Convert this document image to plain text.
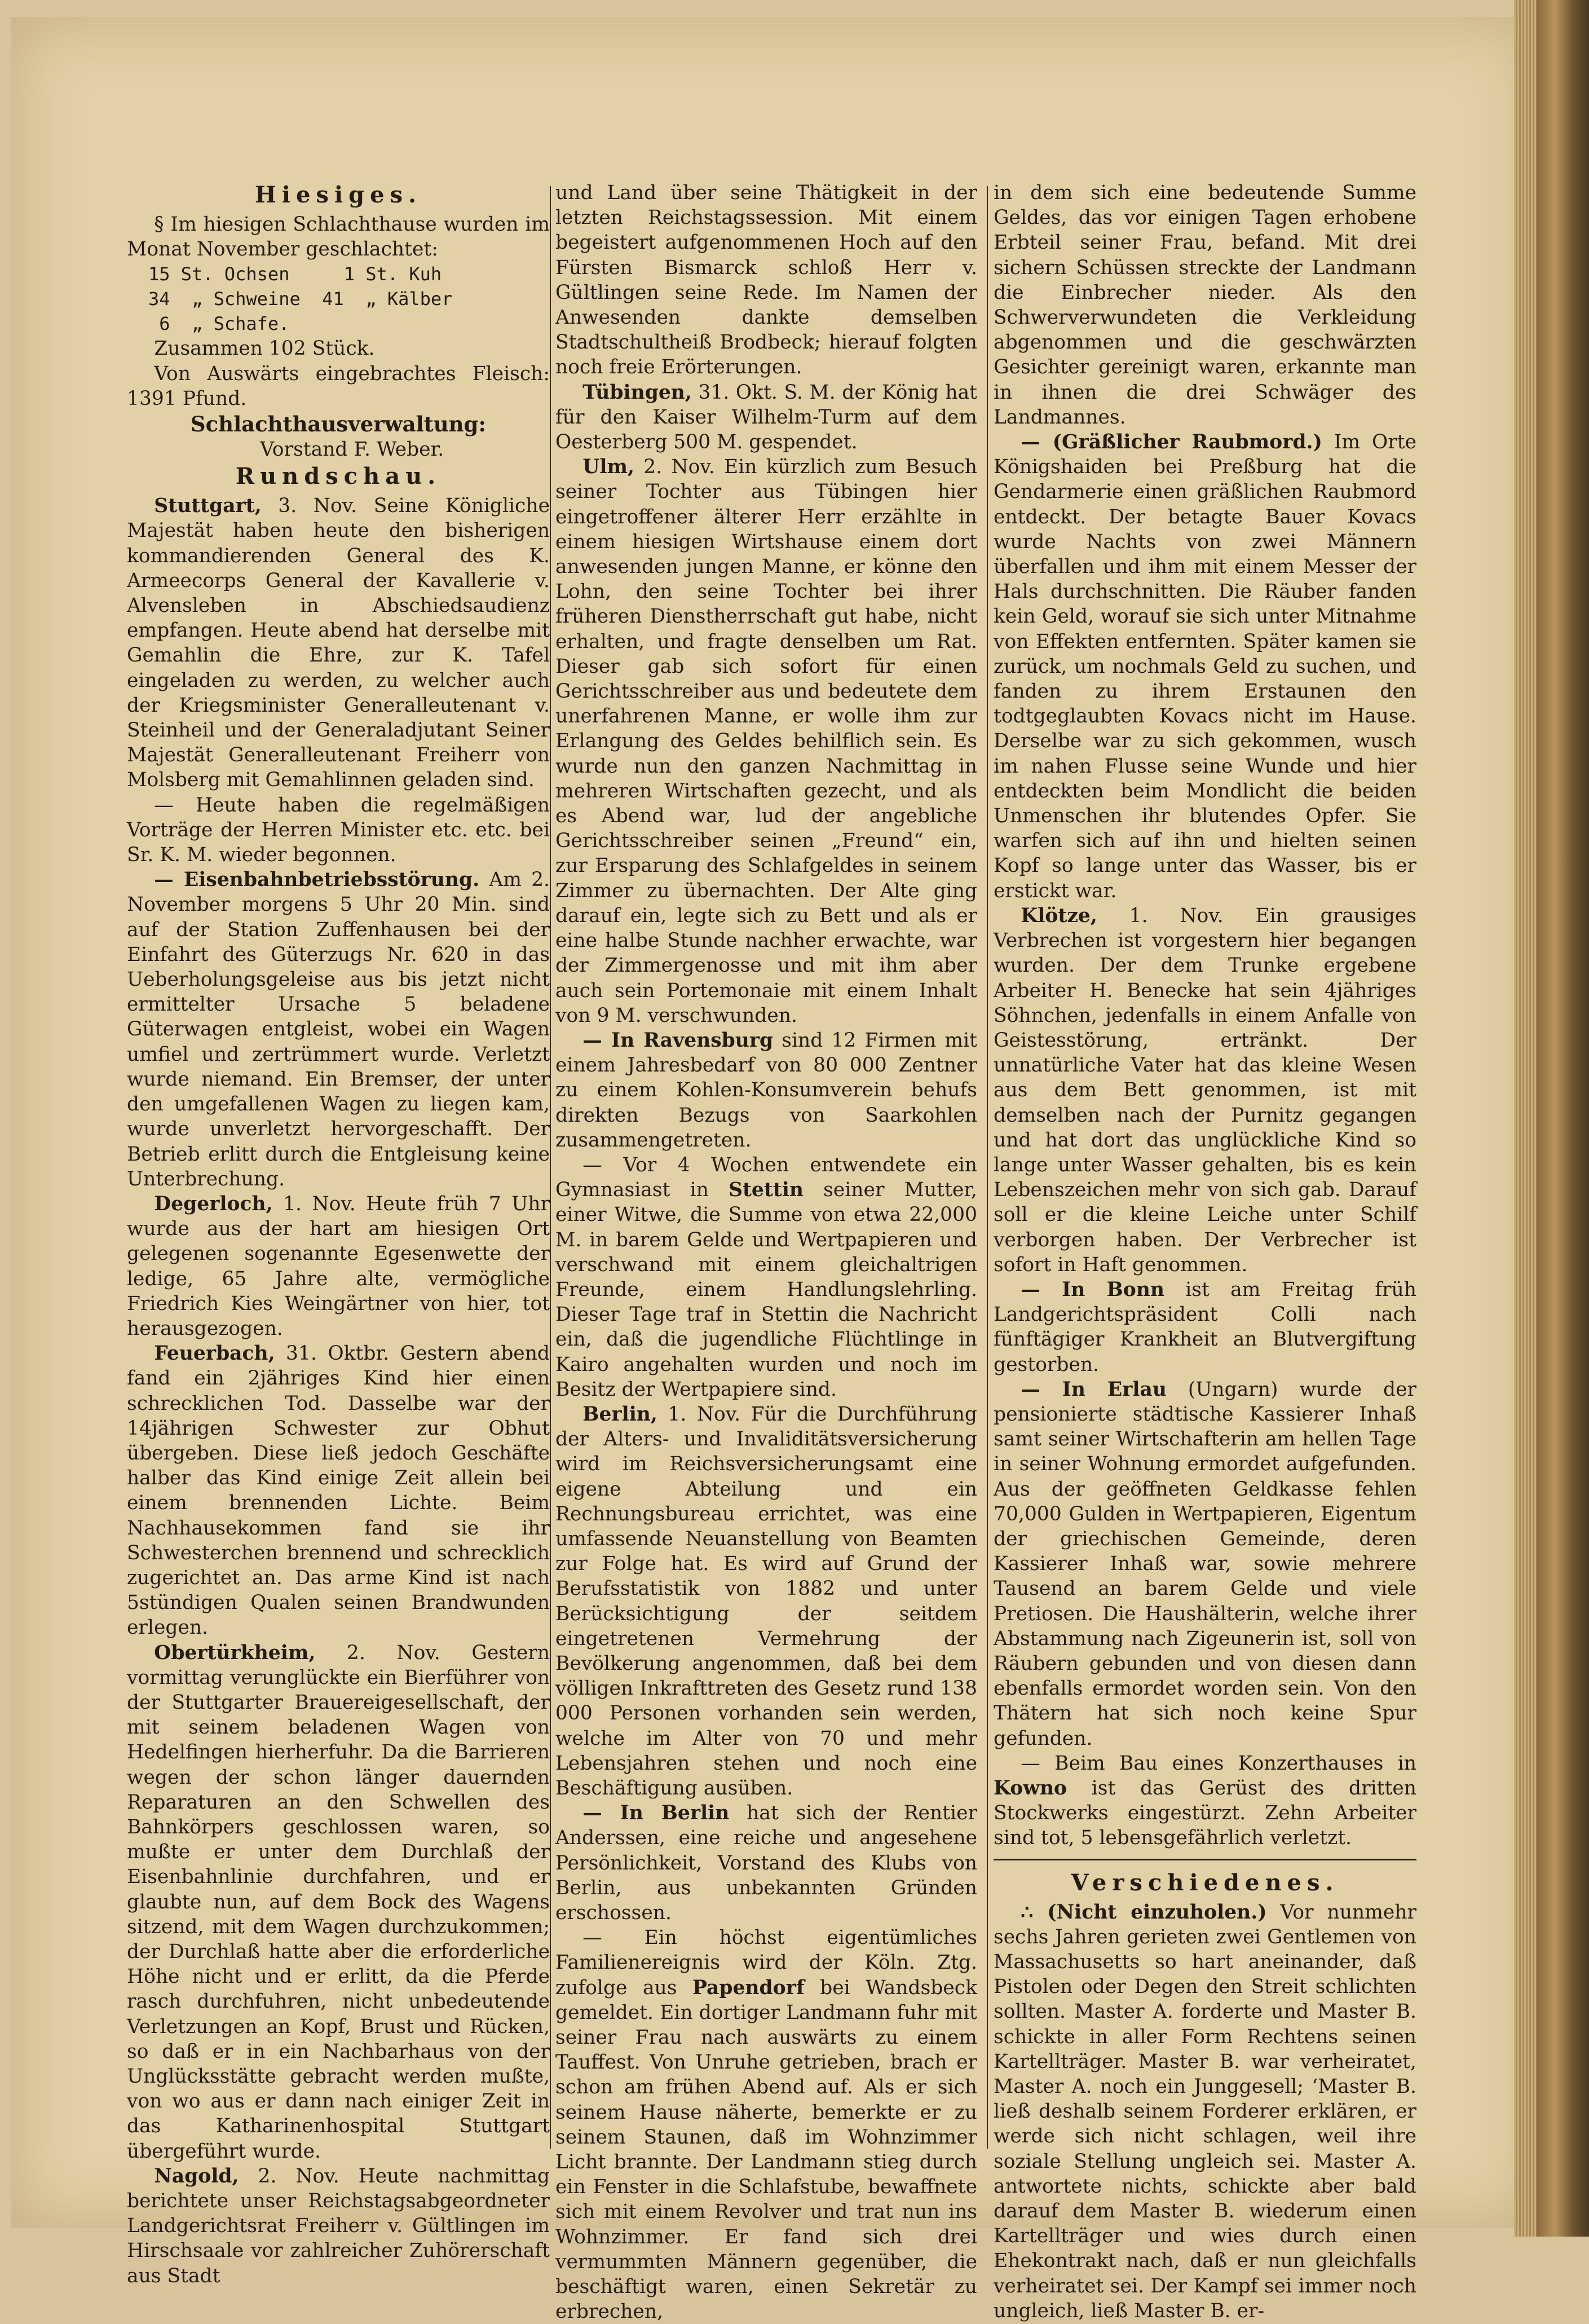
Hiesiges.

§ Im hiesigen Schlachthause wurden im Monat November geschlachtet:

15 St. Ochsen     1 St. Kuh
34  „ Schweine  41  „ Kälber
6  „ Schafe.

Zusammen 102 Stück.

Von Auswärts eingebrachtes Fleisch: 1391 Pfund.

Schlachthausverwaltung:

Vorstand F. Weber.

Rundschau.

Stuttgart, 3. Nov. Seine Königliche Majestät haben heute den bisherigen kommandierenden General des K. Armeecorps General der Kavallerie v. Alvensleben in Abschiedsaudienz empfangen. Heute abend hat derselbe mit Gemahlin die Ehre, zur K. Tafel eingeladen zu werden, zu welcher auch der Kriegsminister Generalleutenant v. Steinheil und der Generaladjutant Seiner Majestät Generalleutenant Freiherr von Molsberg mit Gemahlinnen geladen sind.

— Heute haben die regelmäßigen Vorträge der Herren Minister etc. etc. bei Sr. K. M. wieder begonnen.

— Eisenbahnbetriebsstörung. Am 2. November morgens 5 Uhr 20 Min. sind auf der Station Zuffenhausen bei der Einfahrt des Güterzugs Nr. 620 in das Ueberholungsgeleise aus bis jetzt nicht ermittelter Ursache 5 beladene Güterwagen entgleist, wobei ein Wagen umfiel und zertrümmert wurde. Verletzt wurde niemand. Ein Bremser, der unter den umgefallenen Wagen zu liegen kam, wurde unverletzt hervorgeschafft. Der Betrieb erlitt durch die Entgleisung keine Unterbrechung.

Degerloch, 1. Nov. Heute früh 7 Uhr wurde aus der hart am hiesigen Ort gelegenen sogenannte Egesenwette der ledige, 65 Jahre alte, vermögliche Friedrich Kies Weingärtner von hier, tot herausgezogen.

Feuerbach, 31. Oktbr. Gestern abend fand ein 2jähriges Kind hier einen schrecklichen Tod. Dasselbe war der 14jährigen Schwester zur Obhut übergeben. Diese ließ jedoch Geschäfte halber das Kind einige Zeit allein bei einem brennenden Lichte. Beim Nachhausekommen fand sie ihr Schwesterchen brennend und schrecklich zugerichtet an. Das arme Kind ist nach 5stündigen Qualen seinen Brandwunden erlegen.

Obertürkheim, 2. Nov. Gestern vormittag verunglückte ein Bierführer von der Stuttgarter Brauereigesellschaft, der mit seinem beladenen Wagen von Hedelfingen hierherfuhr. Da die Barrieren wegen der schon länger dauernden Reparaturen an den Schwellen des Bahnkörpers geschlossen waren, so mußte er unter dem Durchlaß der Eisenbahnlinie durchfahren, und er glaubte nun, auf dem Bock des Wagens sitzend, mit dem Wagen durchzukommen; der Durchlaß hatte aber die erforderliche Höhe nicht und er erlitt, da die Pferde rasch durchfuhren, nicht unbedeutende Verletzungen an Kopf, Brust und Rücken, so daß er in ein Nachbarhaus von der Unglücksstätte gebracht werden mußte, von wo aus er dann nach einiger Zeit in das Katharinenhospital Stuttgart übergeführt wurde.

Nagold, 2. Nov. Heute nachmittag berichtete unser Reichstagsabgeordneter Landgerichtsrat Freiherr v. Gültlingen im Hirschsaale vor zahlreicher Zuhörerschaft aus Stadt

und Land über seine Thätigkeit in der letzten Reichstagssession. Mit einem begeistert aufgenommenen Hoch auf den Fürsten Bismarck schloß Herr v. Gültlingen seine Rede. Im Namen der Anwesenden dankte demselben Stadtschultheiß Brodbeck; hierauf folgten noch freie Erörterungen.

Tübingen, 31. Okt. S. M. der König hat für den Kaiser Wilhelm-Turm auf dem Oesterberg 500 M. gespendet.

Ulm, 2. Nov. Ein kürzlich zum Besuch seiner Tochter aus Tübingen hier eingetroffener älterer Herr erzählte in einem hiesigen Wirtshause einem dort anwesenden jungen Manne, er könne den Lohn, den seine Tochter bei ihrer früheren Dienstherrschaft gut habe, nicht erhalten, und fragte denselben um Rat. Dieser gab sich sofort für einen Gerichtsschreiber aus und bedeutete dem unerfahrenen Manne, er wolle ihm zur Erlangung des Geldes behilflich sein. Es wurde nun den ganzen Nachmittag in mehreren Wirtschaften gezecht, und als es Abend war, lud der angebliche Gerichtsschreiber seinen „Freund“ ein, zur Ersparung des Schlafgeldes in seinem Zimmer zu übernachten. Der Alte ging darauf ein, legte sich zu Bett und als er eine halbe Stunde nachher erwachte, war der Zimmergenosse und mit ihm aber auch sein Portemonaie mit einem Inhalt von 9 M. verschwunden.

— In Ravensburg sind 12 Firmen mit einem Jahresbedarf von 80 000 Zentner zu einem Kohlen-Konsumverein behufs direkten Bezugs von Saarkohlen zusammengetreten.

— Vor 4 Wochen entwendete ein Gymnasiast in Stettin seiner Mutter, einer Witwe, die Summe von etwa 22,000 M. in barem Gelde und Wertpapieren und verschwand mit einem gleichaltrigen Freunde, einem Handlungslehrling. Dieser Tage traf in Stettin die Nachricht ein, daß die jugendliche Flüchtlinge in Kairo angehalten wurden und noch im Besitz der Wertpapiere sind.

Berlin, 1. Nov. Für die Durchführung der Alters- und Invaliditätsversicherung wird im Reichsversicherungsamt eine eigene Abteilung und ein Rechnungsbureau errichtet, was eine umfassende Neuanstellung von Beamten zur Folge hat. Es wird auf Grund der Berufsstatistik von 1882 und unter Berücksichtigung der seitdem eingetretenen Vermehrung der Bevölkerung angenommen, daß bei dem völligen Inkrafttreten des Gesetz rund 138 000 Personen vorhanden sein werden, welche im Alter von 70 und mehr Lebensjahren stehen und noch eine Beschäftigung ausüben.

— In Berlin hat sich der Rentier Anderssen, eine reiche und angesehene Persönlichkeit, Vorstand des Klubs von Berlin, aus unbekannten Gründen erschossen.

— Ein höchst eigentümliches Familienereignis wird der Köln. Ztg. zufolge aus Papendorf bei Wandsbeck gemeldet. Ein dortiger Landmann fuhr mit seiner Frau nach auswärts zu einem Tauffest. Von Unruhe getrieben, brach er schon am frühen Abend auf. Als er sich seinem Hause näherte, bemerkte er zu seinem Staunen, daß im Wohnzimmer Licht brannte. Der Landmann stieg durch ein Fenster in die Schlafstube, bewaffnete sich mit einem Revolver und trat nun ins Wohnzimmer. Er fand sich drei vermummten Männern gegenüber, die beschäftigt waren, einen Sekretär zu erbrechen,

in dem sich eine bedeutende Summe Geldes, das vor einigen Tagen erhobene Erbteil seiner Frau, befand. Mit drei sichern Schüssen streckte der Landmann die Einbrecher nieder. Als den Schwerverwundeten die Verkleidung abgenommen und die geschwärzten Gesichter gereinigt waren, erkannte man in ihnen die drei Schwäger des Landmannes.

— (Gräßlicher Raubmord.) Im Orte Königshaiden bei Preßburg hat die Gendarmerie einen gräßlichen Raubmord entdeckt. Der betagte Bauer Kovacs wurde Nachts von zwei Männern überfallen und ihm mit einem Messer der Hals durchschnitten. Die Räuber fanden kein Geld, worauf sie sich unter Mitnahme von Effekten entfernten. Später kamen sie zurück, um nochmals Geld zu suchen, und fanden zu ihrem Erstaunen den todtgeglaubten Kovacs nicht im Hause. Derselbe war zu sich gekommen, wusch im nahen Flusse seine Wunde und hier entdeckten beim Mondlicht die beiden Unmenschen ihr blutendes Opfer. Sie warfen sich auf ihn und hielten seinen Kopf so lange unter das Wasser, bis er erstickt war.

Klötze, 1. Nov. Ein grausiges Verbrechen ist vorgestern hier begangen wurden. Der dem Trunke ergebene Arbeiter H. Benecke hat sein 4jähriges Söhnchen, jedenfalls in einem Anfalle von Geistesstörung, ertränkt. Der unnatürliche Vater hat das kleine Wesen aus dem Bett genommen, ist mit demselben nach der Purnitz gegangen und hat dort das unglückliche Kind so lange unter Wasser gehalten, bis es kein Lebenszeichen mehr von sich gab. Darauf soll er die kleine Leiche unter Schilf verborgen haben. Der Verbrecher ist sofort in Haft genommen.

— In Bonn ist am Freitag früh Landgerichtspräsident Colli nach fünftägiger Krankheit an Blutvergiftung gestorben.

— In Erlau (Ungarn) wurde der pensionierte städtische Kassierer Inhaß samt seiner Wirtschafterin am hellen Tage in seiner Wohnung ermordet aufgefunden. Aus der geöffneten Geldkasse fehlen 70,000 Gulden in Wertpapieren, Eigentum der griechischen Gemeinde, deren Kassierer Inhaß war, sowie mehrere Tausend an barem Gelde und viele Pretiosen. Die Haushälterin, welche ihrer Abstammung nach Zigeunerin ist, soll von Räubern gebunden und von diesen dann ebenfalls ermordet worden sein. Von den Thätern hat sich noch keine Spur gefunden.

— Beim Bau eines Konzerthauses in Kowno ist das Gerüst des dritten Stockwerks eingestürzt. Zehn Arbeiter sind tot, 5 lebensgefährlich verletzt.

Verschiedenes.

∴ (Nicht einzuholen.) Vor nunmehr sechs Jahren gerieten zwei Gentlemen von Massachusetts so hart aneinander, daß Pistolen oder Degen den Streit schlichten sollten. Master A. forderte und Master B. schickte in aller Form Rechtens seinen Kartellträger. Master B. war verheiratet, Master A. noch ein Junggesell; ‘Master B. ließ deshalb seinem Forderer erklären, er werde sich nicht schlagen, weil ihre soziale Stellung ungleich sei. Master A. antwortete nichts, schickte aber bald darauf dem Master B. wiederum einen Kartellträger und wies durch einen Ehekontrakt nach, daß er nun gleichfalls verheiratet sei. Der Kampf sei immer noch ungleich, ließ Master B. er-
